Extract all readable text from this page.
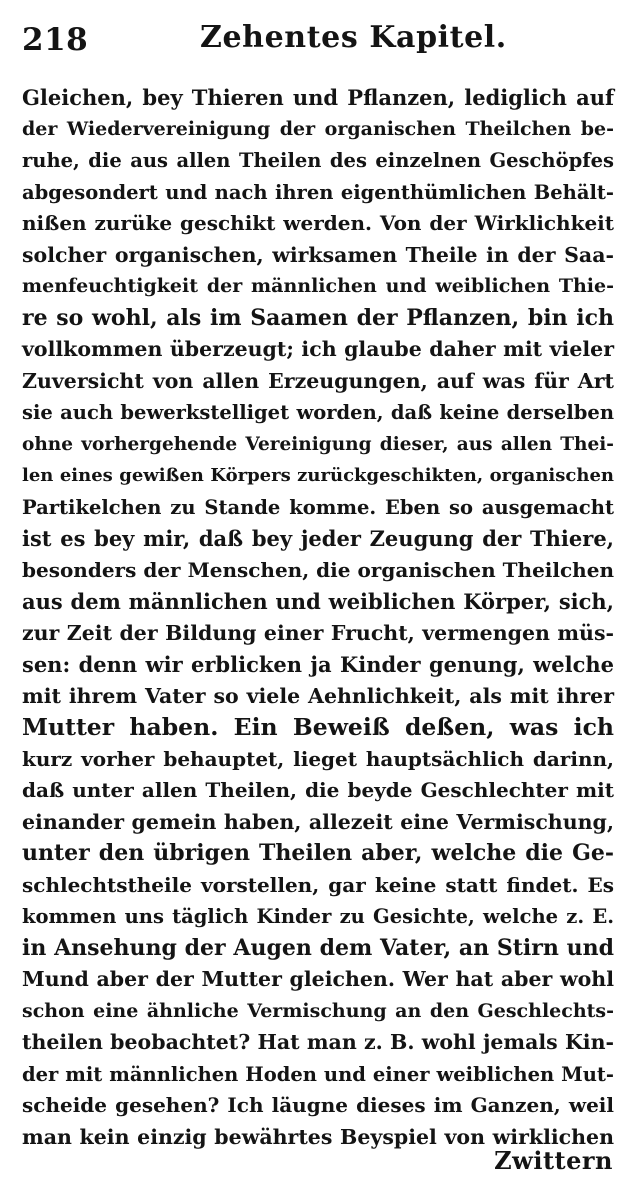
218	Zehentes Kapitel.
Gleichen, bey Thieren und Pflanzen, lediglich auf
der Wiedervereinigung der organischen Theilchen be-
ruhe, die aus allen Theilen des einzelnen Geschöpfes
abgesondert und nach ihren eigenthümlichen Behält-
nißen zurüke geschikt werden. Von der Wirklichkeit
solcher organischen, wirksamen Theile in der Saa-
menfeuchtigkeit der männlichen und weiblichen Thie-
re so wohl, als im Saamen der Pflanzen, bin ich
vollkommen überzeugt; ich glaube daher mit vieler
Zuversicht von allen Erzeugungen, auf was für Art
sie auch bewerkstelliget worden, daß keine derselben
ohne vorhergehende Vereinigung dieser, aus allen Thei-
len eines gewißen Körpers zurückgeschikten, organischen
Partikelchen zu Stande komme. Eben so ausgemacht
ist es bey mir, daß bey jeder Zeugung der Thiere,
besonders der Menschen, die organischen Theilchen
aus dem männlichen und weiblichen Körper, sich,
zur Zeit der Bildung einer Frucht, vermengen müs-
sen: denn wir erblicken ja Kinder genung, welche
mit ihrem Vater so viele Aehnlichkeit, als mit ihrer
Mutter haben. Ein Beweiß deßen, was ich
kurz vorher behauptet, lieget hauptsächlich darinn,
daß unter allen Theilen, die beyde Geschlechter mit
einander gemein haben, allezeit eine Vermischung,
unter den übrigen Theilen aber, welche die Ge-
schlechtstheile vorstellen, gar keine statt findet. Es
kommen uns täglich Kinder zu Gesichte, welche z. E.
in Ansehung der Augen dem Vater, an Stirn und
Mund aber der Mutter gleichen. Wer hat aber wohl
schon eine ähnliche Vermischung an den Geschlechts-
theilen beobachtet? Hat man z. B. wohl jemals Kin-
der mit männlichen Hoden und einer weiblichen Mut-
scheide gesehen? Ich läugne dieses im Ganzen, weil
man kein einzig bewährtes Beyspiel von wirklichen
Zwittern
